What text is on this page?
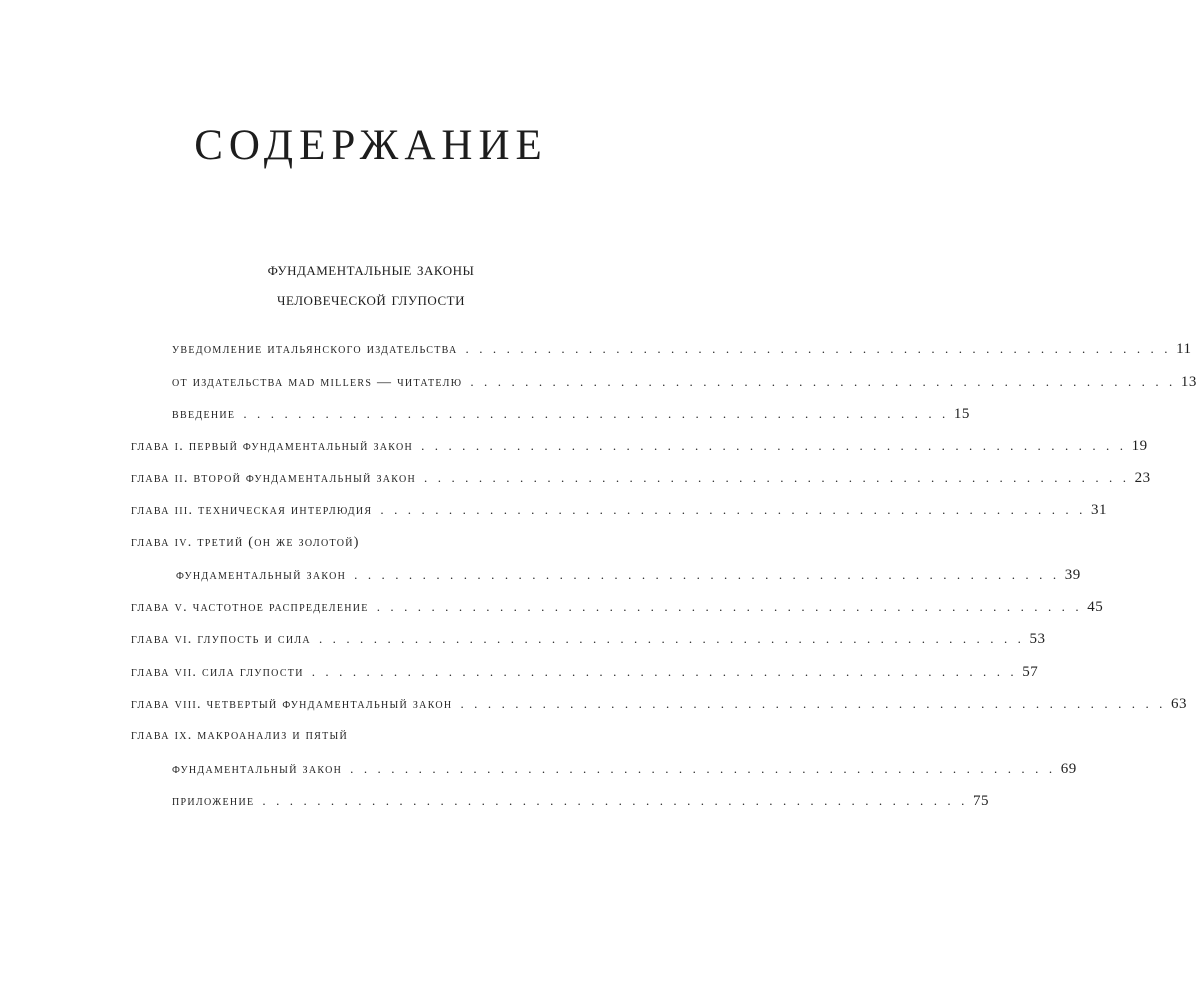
СОДЕРЖАНИЕ
фундаментальные законы
человеческой глупости
уведомление итальянского издательства . . . . . . . . . . . . . . . . . . . . . . . . . . . . . . . . . . . . . . . . . . . . . . . . . . . . 11
от издательства mad millers — читателю . . . . . . . . . . . . . . . . . . . . . . . . . . . . . . . . . . . . . . . . . . . . . . . . . . . . 13
введение . . . . . . . . . . . . . . . . . . . . . . . . . . . . . . . . . . . . . . . . . . . . . . . . . . . . 15
глава i. первый фундаментальный закон . . . . . . . . . . . . . . . . . . . . . . . . . . . . . . . . . . . . . . . . . . . . . . . . . . . . 19
глава ii. второй фундаментальный закон . . . . . . . . . . . . . . . . . . . . . . . . . . . . . . . . . . . . . . . . . . . . . . . . . . . . 23
глава iii. техническая интерлюдия . . . . . . . . . . . . . . . . . . . . . . . . . . . . . . . . . . . . . . . . . . . . . . . . . . . . 31
глава iv. третий (он же золотой)
фундаментальный закон . . . . . . . . . . . . . . . . . . . . . . . . . . . . . . . . . . . . . . . . . . . . . . . . . . . . 39
глава v. частотное распределение . . . . . . . . . . . . . . . . . . . . . . . . . . . . . . . . . . . . . . . . . . . . . . . . . . . . 45
глава vi. глупость и сила . . . . . . . . . . . . . . . . . . . . . . . . . . . . . . . . . . . . . . . . . . . . . . . . . . . . 53
глава vii. сила глупости . . . . . . . . . . . . . . . . . . . . . . . . . . . . . . . . . . . . . . . . . . . . . . . . . . . . 57
глава viii. четвертый фундаментальный закон . . . . . . . . . . . . . . . . . . . . . . . . . . . . . . . . . . . . . . . . . . . . . . . . . . . . 63
глава ix. макроанализ и пятый
фундаментальный закон . . . . . . . . . . . . . . . . . . . . . . . . . . . . . . . . . . . . . . . . . . . . . . . . . . . . 69
приложение . . . . . . . . . . . . . . . . . . . . . . . . . . . . . . . . . . . . . . . . . . . . . . . . . . . . 75
